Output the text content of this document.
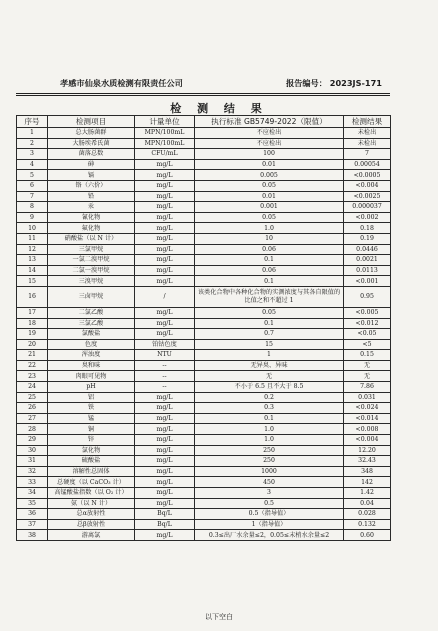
孝感市仙泉水质检测有限责任公司	报告编号： 2023JS-171
检 测 结 果
序号	检测项目	计量单位	执行标准 GB5749-2022（限值）	检测结果
1	总大肠菌群	MPN/100mL	不应检出	未检出
2	大肠埃希氏菌	MPN/100mL	不应检出	未检出
3	菌落总数	CFU/mL	100	7
4	砷	mg/L	0.01	0.00054
5	镉	mg/L	0.005	<0.0005
6	铬（六价）	mg/L	0.05	<0.004
7	铅	mg/L	0.01	<0.0025
8	汞	mg/L	0.001	0.000037
9	氰化物	mg/L	0.05	<0.002
10	氟化物	mg/L	1.0	0.18
11	硝酸盐（以 N 计）	mg/L	10	0.19
12	三氯甲烷	mg/L	0.06	0.0446
13	一氯二溴甲烷	mg/L	0.1	0.0021
14	二氯一溴甲烷	mg/L	0.06	0.0113
15	三溴甲烷	mg/L	0.1	<0.001
16	三卤甲烷	/	该类化合物中各种化合物的实测浓度与其各自限值的比值之和不超过 1	0.95
17	二氯乙酸	mg/L	0.05	<0.005
18	三氯乙酸	mg/L	0.1	<0.012
19	氯酸盐	mg/L	0.7	<0.05
20	色度	铂钴色度	15	<5
21	浑浊度	NTU	1	0.15
22	臭和味	--	无异臭、异味	无
23	肉眼可见物	--	无	无
24	pH	--	不小于 6.5 且不大于 8.5	7.86
25	铝	mg/L	0.2	0.031
26	铁	mg/L	0.3	<0.024
27	锰	mg/L	0.1	<0.014
28	铜	mg/L	1.0	<0.008
29	锌	mg/L	1.0	<0.004
30	氯化物	mg/L	250	12.20
31	硫酸盐	mg/L	250	32.43
32	溶解性总固体	mg/L	1000	348
33	总硬度（以 CaCO₃ 计）	mg/L	450	142
34	高锰酸盐指数（以 O₂ 计）	mg/L	3	1.42
35	氨（以 N 计）	mg/L	0.5	0.04
36	总α放射性	Bq/L	0.5（指导值）	0.028
37	总β放射性	Bq/L	1（指导值）	0.132
38	游离氯	mg/L	0.3≤出厂水余量≤2，0.05≤末梢水余量≤2	0.60
以下空白
